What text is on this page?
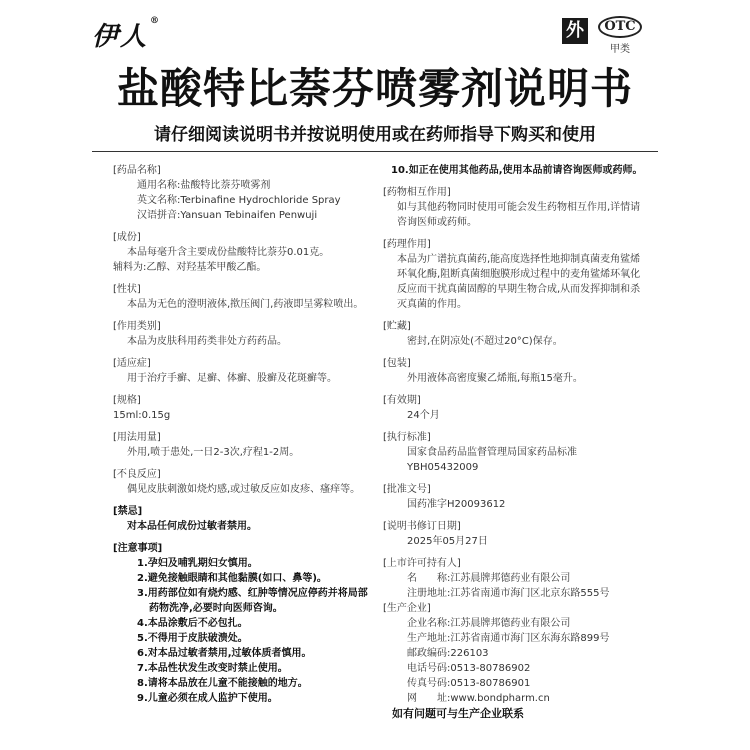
伊人®	外	OTC
甲类
盐酸特比萘芬喷雾剂说明书
请仔细阅读说明书并按说明使用或在药师指导下购买和使用
[药品名称]
通用名称:盐酸特比萘芬喷雾剂
英文名称:Terbinafine Hydrochloride Spray
汉语拼音:Yansuan Tebinaifen Penwuji
[成份]
本品每毫升含主要成份盐酸特比萘芬0.01克。
辅料为:乙醇、对羟基苯甲酸乙酯。
[性状]
本品为无色的澄明液体,揿压阀门,药液即呈雾粒喷出。
[作用类别]
本品为皮肤科用药类非处方药药品。
[适应症]
用于治疗手癣、足癣、体癣、股癣及花斑癣等。
[规格]
15ml:0.15g
[用法用量]
外用,喷于患处,一日2-3次,疗程1-2周。
[不良反应]
偶见皮肤刺激如烧灼感,或过敏反应如皮疹、瘙痒等。
[禁忌]
对本品任何成份过敏者禁用。
[注意事项]
1.孕妇及哺乳期妇女慎用。
2.避免接触眼睛和其他黏膜(如口、鼻等)。
3.用药部位如有烧灼感、红肿等情况应停药并将局部药物洗净,必要时向医师咨询。
4.本品涂敷后不必包扎。
5.不得用于皮肤破溃处。
6.对本品过敏者禁用,过敏体质者慎用。
7.本品性状发生改变时禁止使用。
8.请将本品放在儿童不能接触的地方。
9.儿童必须在成人监护下使用。
10.如正在使用其他药品,使用本品前请咨询医师或药师。
[药物相互作用]
如与其他药物同时使用可能会发生药物相互作用,详情请咨询医师或药师。
[药理作用]
本品为广谱抗真菌药,能高度选择性地抑制真菌麦角鲨烯环氧化酶,阻断真菌细胞膜形成过程中的麦角鲨烯环氧化反应而干扰真菌固醇的早期生物合成,从而发挥抑制和杀灭真菌的作用。
[贮藏]
密封,在阴凉处(不超过20°C)保存。
[包装]
外用液体高密度聚乙烯瓶,每瓶15毫升。
[有效期]
24个月
[执行标准]
国家食品药品监督管理局国家药品标准YBH05432009
[批准文号]
国药准字H20093612
[说明书修订日期]
2025年05月27日
[上市许可持有人]
名　　称:江苏晨牌邦德药业有限公司
注册地址:江苏省南通市海门区北京东路555号
[生产企业]
企业名称:江苏晨牌邦德药业有限公司
生产地址:江苏省南通市海门区东海东路899号
邮政编码:226103
电话号码:0513-80786902
传真号码:0513-80786901
网　　址:www.bondpharm.cn
如有问题可与生产企业联系
